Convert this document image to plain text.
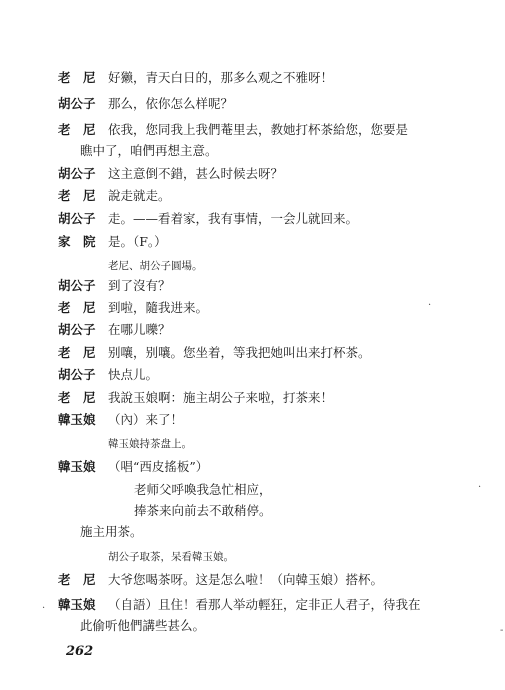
老　尼 好獭，青天白日的，那多么观之不雅呀！
胡公子 那么，依你怎么样呢？
老　尼 依我，您同我上我們菴里去，教她打杯茶給您，您要是
瞧中了，咱們再想主意。
胡公子 这主意倒不錯，甚么时候去呀？
老　尼 說走就走。
胡公子 走。——看着家，我有事情，一会儿就回来。
家　院 是。（F。）
老尼、胡公子圓場。
胡公子 到了沒有？
老　尼 到啦，隨我进来。
胡公子 在哪儿嚛？
老　尼 别嚷，别嚷。您坐着，等我把她叫出来打杯茶。
胡公子 快点儿。
老　尼 我說玉娘啊：施主胡公子来啦，打茶来！
韓玉娘 （內）来了！
韓玉娘持茶盘上。
韓玉娘 （唱“西皮搖板”）
老师父呼喚我急忙相应，
捧茶来向前去不敢稍停。
施主用茶。
胡公子取茶，呆看韓玉娘。
老　尼 大爷您喝茶呀。这是怎么啦！（向韓玉娘）搭杯。
韓玉娘 （自語）且住！看那人举动輕狂，定非正人君子，待我在
此偷听他們講些甚么。
262
·
·
-
·
